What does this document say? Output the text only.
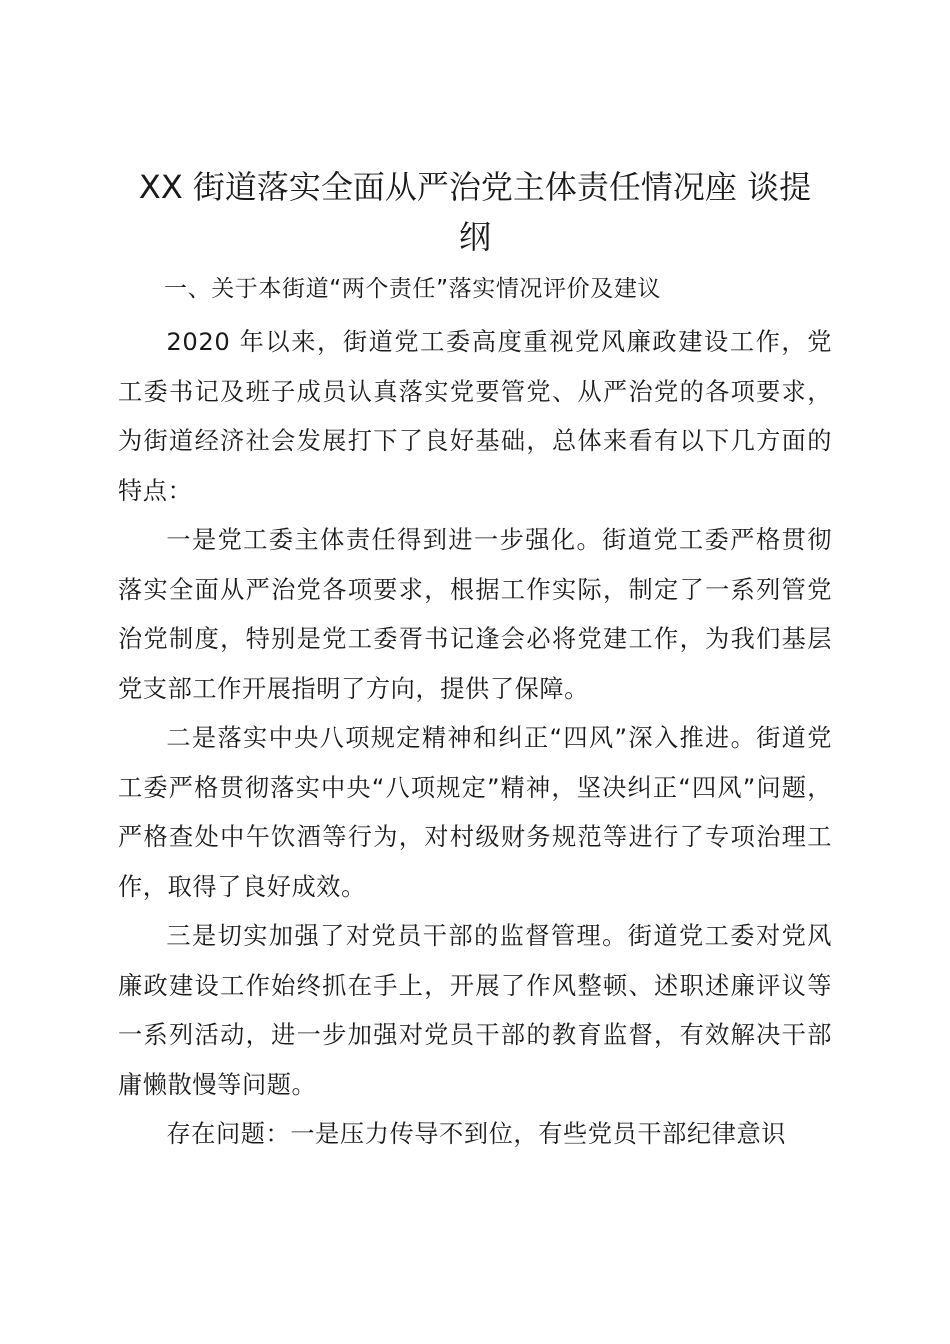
XX 街道落实全面从严治党主体责任情况座 谈提 纲

一、关于本街道“两个责任”落实情况评价及建议

2020 年以来，街道党工委高度重视党风廉政建设工作，党工委书记及班子成员认真落实党要管党、从严治党的各项要求，为街道经济社会发展打下了良好基础，总体来看有以下几方面的特点：

一是党工委主体责任得到进一步强化。街道党工委严格贯彻落实全面从严治党各项要求，根据工作实际，制定了一系列管党治党制度，特别是党工委胥书记逢会必将党建工作，为我们基层党支部工作开展指明了方向，提供了保障。

二是落实中央八项规定精神和纠正“四风”深入推进。街道党工委严格贯彻落实中央“八项规定”精神，坚决纠正“四风”问题，严格查处中午饮酒等行为，对村级财务规范等进行了专项治理工作，取得了良好成效。

三是切实加强了对党员干部的监督管理。街道党工委对党风廉政建设工作始终抓在手上，开展了作风整顿、述职述廉评议等一系列活动，进一步加强对党员干部的教育监督，有效解决干部庸懒散慢等问题。

存在问题：一是压力传导不到位，有些党员干部纪律意识
